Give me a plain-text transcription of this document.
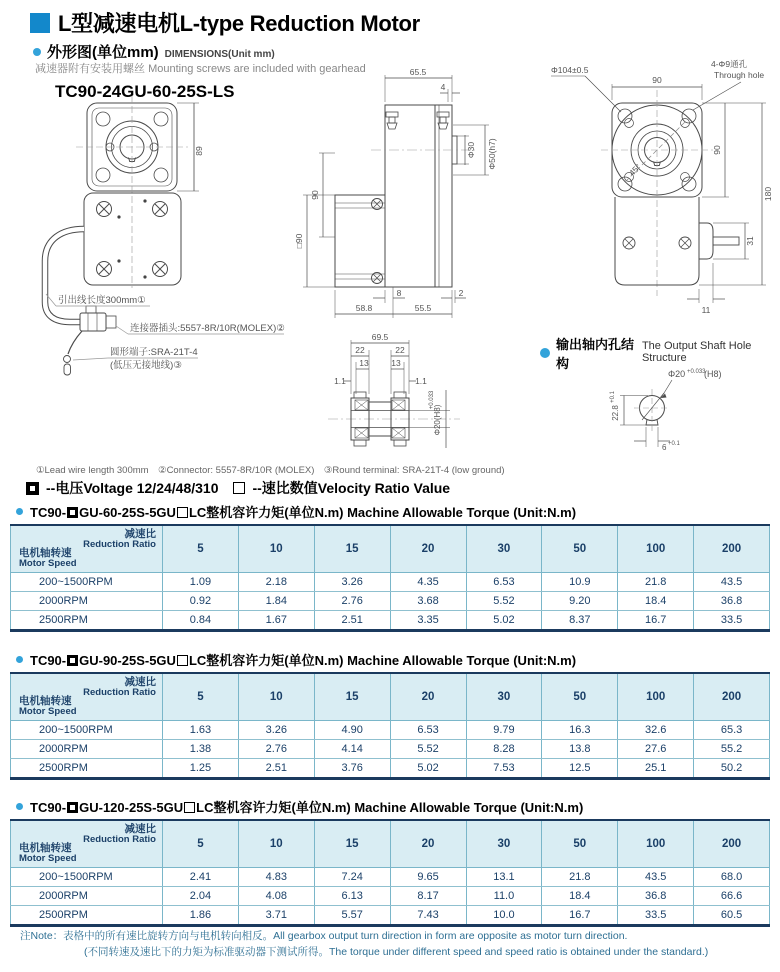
L型减速电机L-type Reduction Motor
外形图(单位mm) DIMENSIONS(Unit mm)
减速器附有安装用螺丝 Mounting screws are included with gearhead
TC90-24GU-60-25S-LS
89
引出线长度300mm①
连接器插头:5557-8R/10R(MOLEX)②
圆形端子:SRA-21T-4
(低压无接地线)③
65.5
4
Φ30 Φ50(h7)
90
□90
8	2
58.8	55.5
90
Φ104±0.5
4-Φ9通孔
Through hole
90
180
31
11
45°
69.5
22	22
13	13
1.1	1.1
Φ20(H8)
+0.033
输出轴内孔结构
The Output Shaft Hole Structure
Φ20 +0.033
(H8)
22.8
+0.1
6 +0.1
①Lead wire length 300mm　②Connector: 5557-8R/10R (MOLEX)　③Round terminal: SRA-21T-4 (low ground)
--电压Voltage 12/24/48/310 --速比数值Velocity Ratio Value
TC90- GU-60-25S-5GU LC整机容许力矩(单位N.m) Machine Allowable Torque (Unit:N.m)
减速比
Reduction Ratio
电机轴转速
Motor Speed	5	10	15	20	30	50	100	200
200~1500RPM	1.09	2.18	3.26	4.35	6.53	10.9	21.8	43.5
2000RPM	0.92	1.84	2.76	3.68	5.52	9.20	18.4	36.8
2500RPM	0.84	1.67	2.51	3.35	5.02	8.37	16.7	33.5
TC90- GU-90-25S-5GU LC整机容许力矩(单位N.m) Machine Allowable Torque (Unit:N.m)
减速比
Reduction Ratio
电机轴转速
Motor Speed	5	10	15	20	30	50	100	200
200~1500RPM	1.63	3.26	4.90	6.53	9.79	16.3	32.6	65.3
2000RPM	1.38	2.76	4.14	5.52	8.28	13.8	27.6	55.2
2500RPM	1.25	2.51	3.76	5.02	7.53	12.5	25.1	50.2
TC90- GU-120-25S-5GU LC整机容许力矩(单位N.m) Machine Allowable Torque (Unit:N.m)
减速比
Reduction Ratio
电机轴转速
Motor Speed	5	10	15	20	30	50	100	200
200~1500RPM	2.41	4.83	7.24	9.65	13.1	21.8	43.5	68.0
2000RPM	2.04	4.08	6.13	8.17	11.0	18.4	36.8	66.6
2500RPM	1.86	3.71	5.57	7.43	10.0	16.7	33.5	60.5
注Note：表格中的所有速比旋转方向与电机转向相反。All gearbox output turn direction in form are opposite as motor turn direction.
(不同转速及速比下的力矩为标准驱动器下测试所得。The torque under different speed and speed ratio is obtained under the standard.)
